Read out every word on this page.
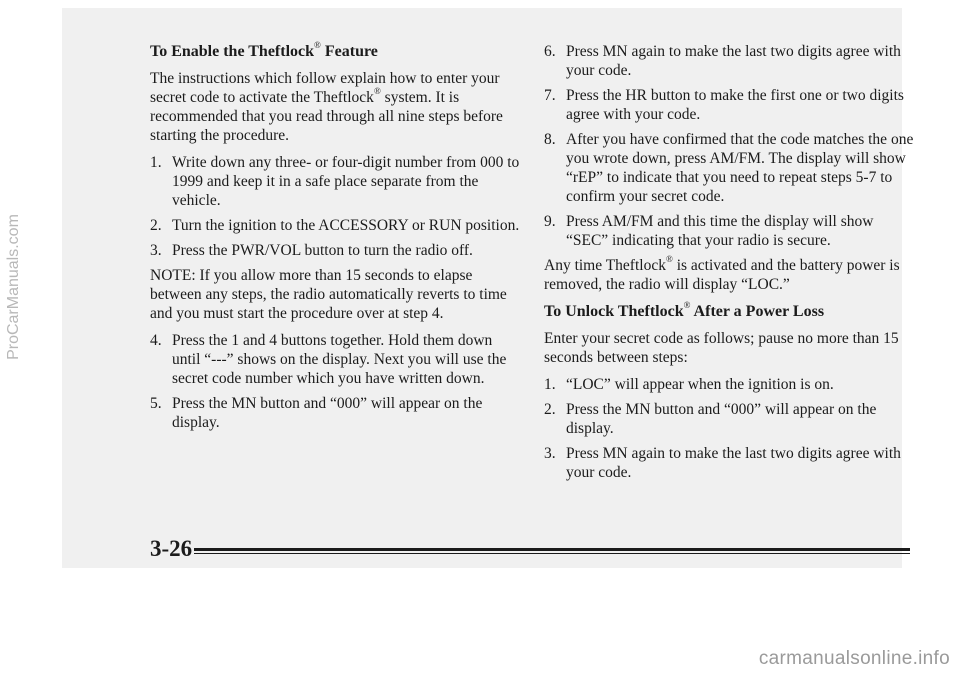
To Enable the Theftlock® Feature

The instructions which follow explain how to enter your secret code to activate the Theftlock® system. It is recommended that you read through all nine steps before starting the procedure.

1. Write down any three- or four-digit number from 000 to 1999 and keep it in a safe place separate from the vehicle.
2. Turn the ignition to the ACCESSORY or RUN position.
3. Press the PWR/VOL button to turn the radio off.

NOTE: If you allow more than 15 seconds to elapse between any steps, the radio automatically reverts to time and you must start the procedure over at step 4.

4. Press the 1 and 4 buttons together. Hold them down until “---” shows on the display. Next you will use the secret code number which you have written down.
5. Press the MN button and “000” will appear on the display.
6. Press MN again to make the last two digits agree with your code.
7. Press the HR button to make the first one or two digits agree with your code.
8. After you have confirmed that the code matches the one you wrote down, press AM/FM. The display will show “rEP” to indicate that you need to repeat steps 5-7 to confirm your secret code.
9. Press AM/FM and this time the display will show “SEC” indicating that your radio is secure.

Any time Theftlock® is activated and the battery power is removed, the radio will display “LOC.”

To Unlock Theftlock® After a Power Loss

Enter your secret code as follows; pause no more than 15 seconds between steps:

1. “LOC” will appear when the ignition is on.
2. Press the MN button and “000” will appear on the display.
3. Press MN again to make the last two digits agree with your code.
3-26
ProCarManuals.com
carmanualsonline.info
